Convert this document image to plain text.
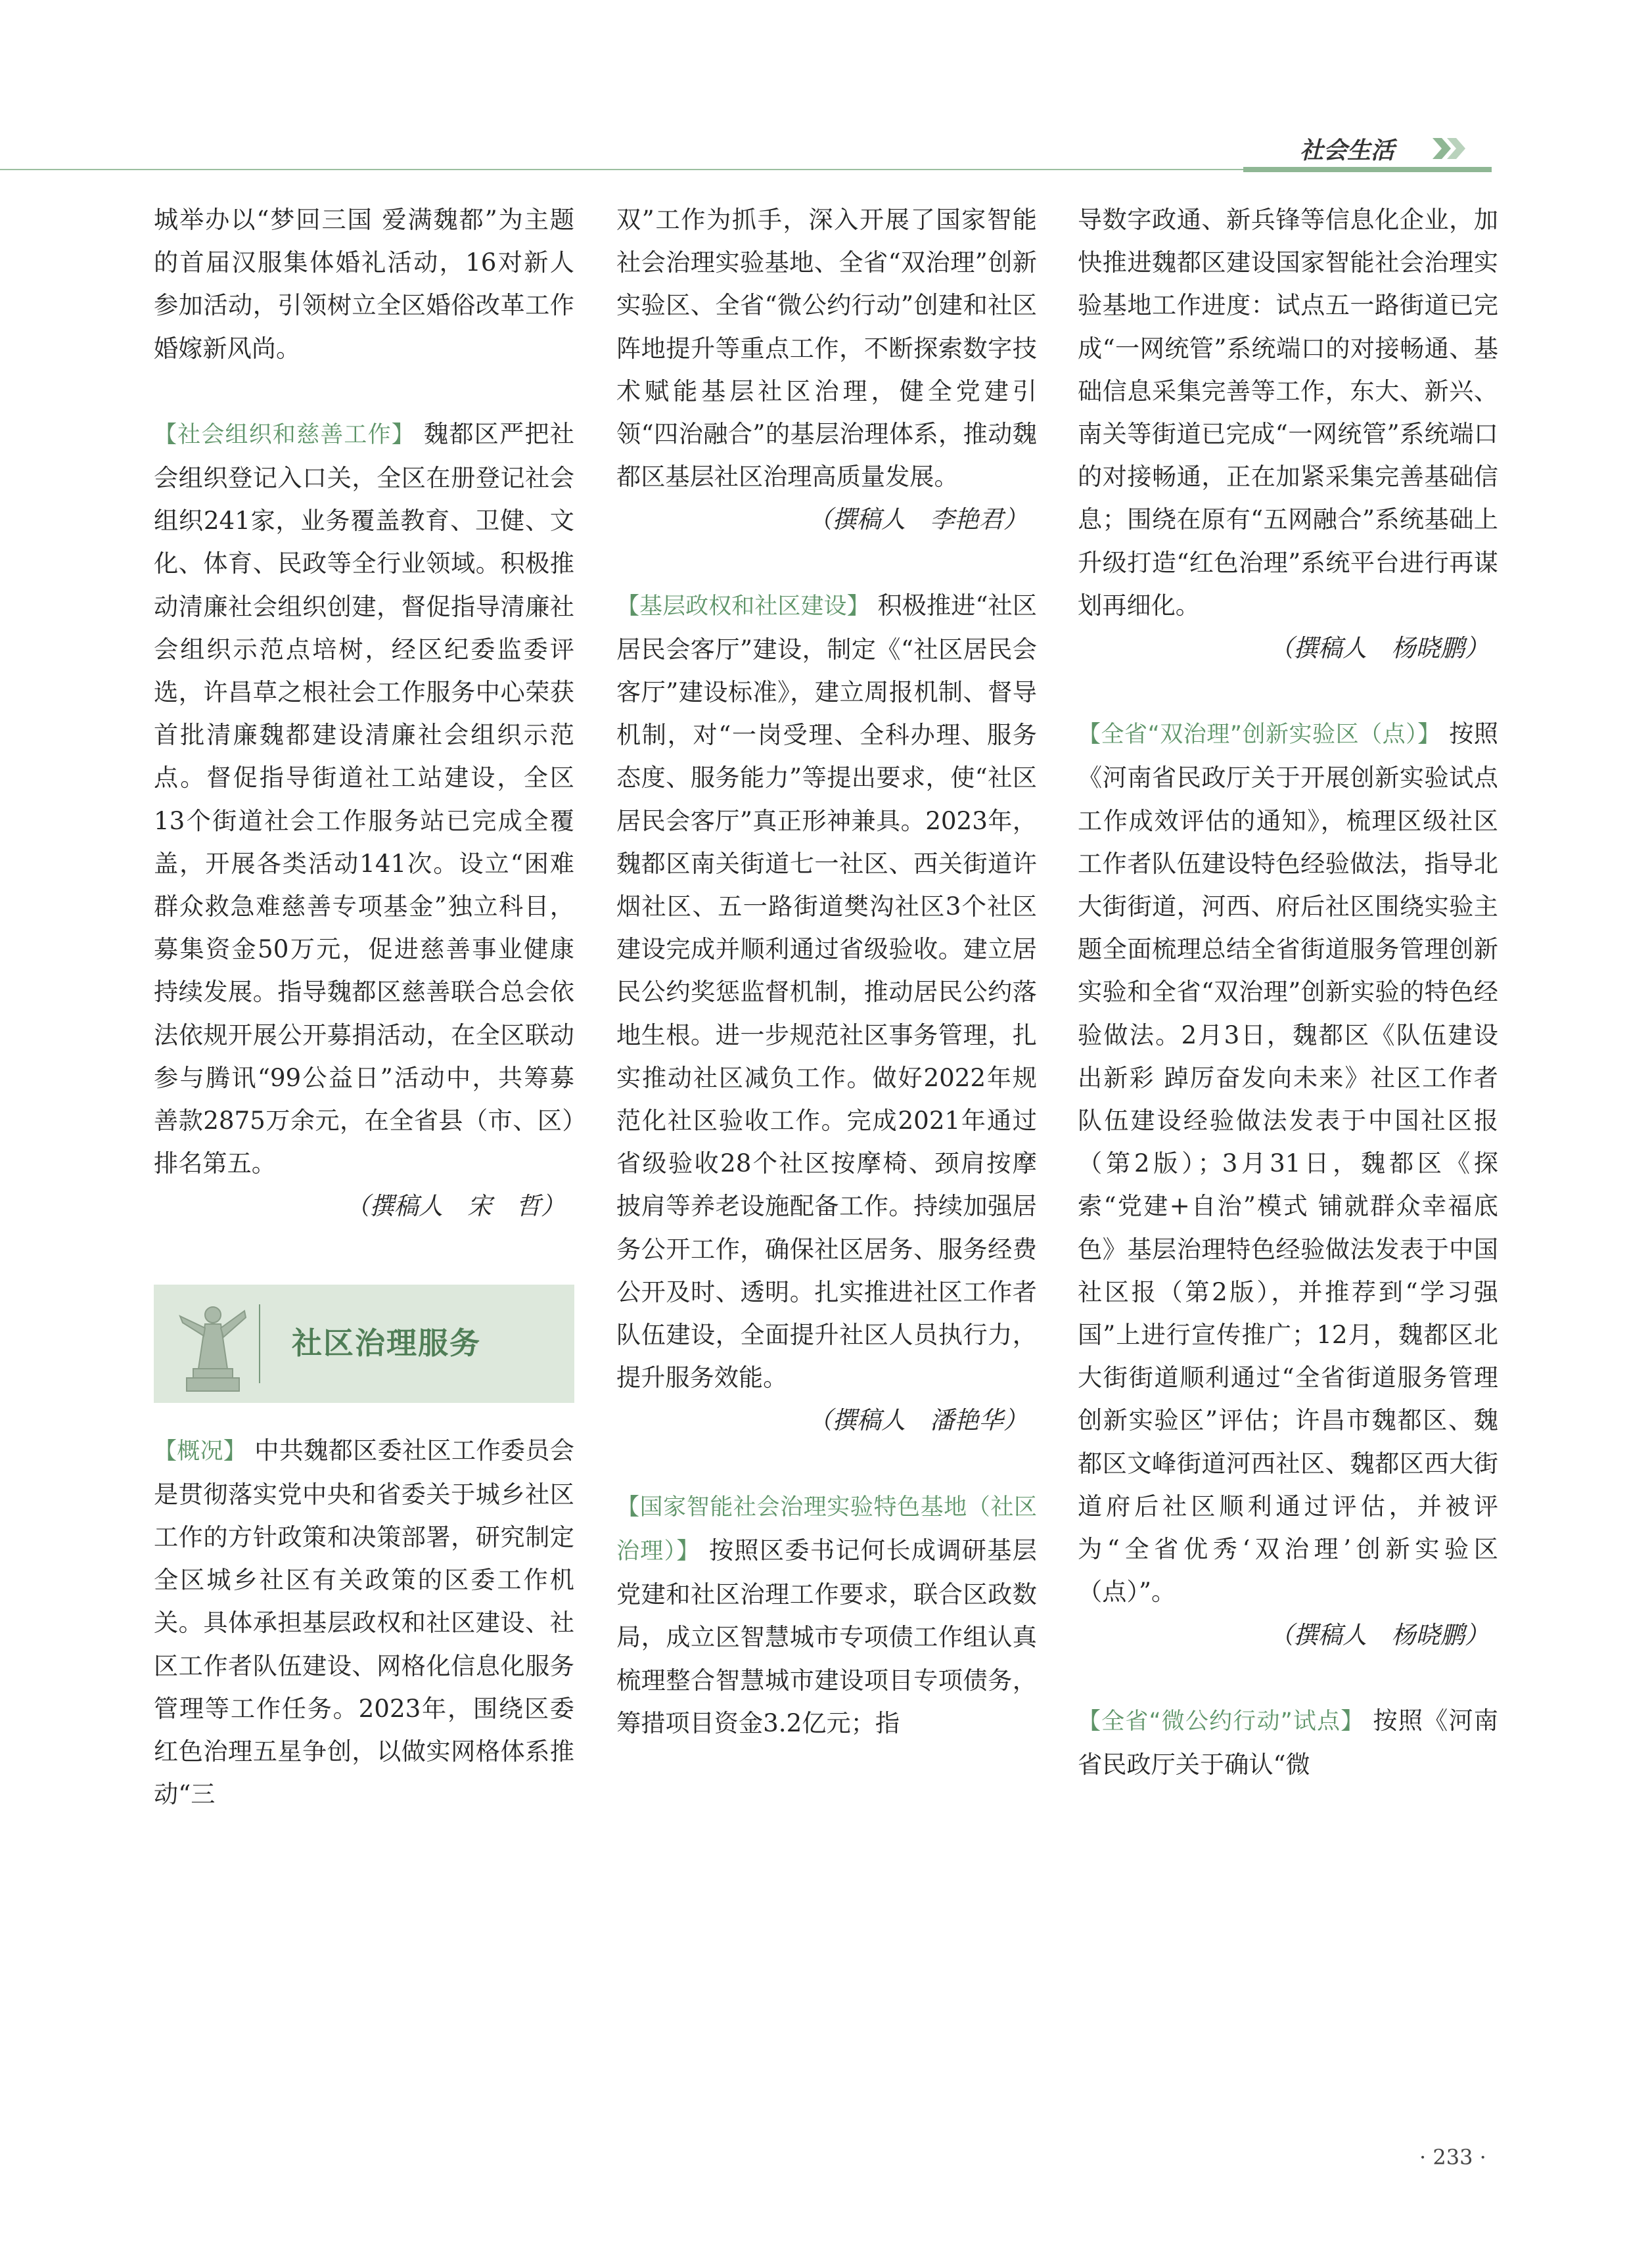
社会生活

城举办以“梦回三国 爱满魏都”为主题的首届汉服集体婚礼活动，16对新人参加活动，引领树立全区婚俗改革工作婚嫁新风尚。

【社会组织和慈善工作】 魏都区严把社会组织登记入口关，全区在册登记社会组织241家，业务覆盖教育、卫健、文化、体育、民政等全行业领域。积极推动清廉社会组织创建，督促指导清廉社会组织示范点培树，经区纪委监委评选，许昌草之根社会工作服务中心荣获首批清廉魏都建设清廉社会组织示范点。督促指导街道社工站建设，全区13个街道社会工作服务站已完成全覆盖，开展各类活动141次。设立“困难群众救急难慈善专项基金”独立科目，募集资金50万元，促进慈善事业健康持续发展。指导魏都区慈善联合总会依法依规开展公开募捐活动，在全区联动参与腾讯“99公益日”活动中，共筹募善款2875万余元，在全省县（市、区）排名第五。

（撰稿人　宋　哲）

社区治理服务

【概况】 中共魏都区委社区工作委员会是贯彻落实党中央和省委关于城乡社区工作的方针政策和决策部署，研究制定全区城乡社区有关政策的区委工作机关。具体承担基层政权和社区建设、社区工作者队伍建设、网格化信息化服务管理等工作任务。2023年，围绕区委红色治理五星争创，以做实网格体系推动“三

双”工作为抓手，深入开展了国家智能社会治理实验基地、全省“双治理”创新实验区、全省“微公约行动”创建和社区阵地提升等重点工作，不断探索数字技术赋能基层社区治理，健全党建引领“四治融合”的基层治理体系，推动魏都区基层社区治理高质量发展。

（撰稿人　李艳君）

【基层政权和社区建设】 积极推进“社区居民会客厅”建设，制定《“社区居民会客厅”建设标准》，建立周报机制、督导机制，对“一岗受理、全科办理、服务态度、服务能力”等提出要求，使“社区居民会客厅”真正形神兼具。2023年，魏都区南关街道七一社区、西关街道许烟社区、五一路街道樊沟社区3个社区建设完成并顺利通过省级验收。建立居民公约奖惩监督机制，推动居民公约落地生根。进一步规范社区事务管理，扎实推动社区减负工作。做好2022年规范化社区验收工作。完成2021年通过省级验收28个社区按摩椅、颈肩按摩披肩等养老设施配备工作。持续加强居务公开工作，确保社区居务、服务经费公开及时、透明。扎实推进社区工作者队伍建设，全面提升社区人员执行力，提升服务效能。

（撰稿人　潘艳华）

【国家智能社会治理实验特色基地（社区治理）】 按照区委书记何长成调研基层党建和社区治理工作要求，联合区政数局，成立区智慧城市专项债工作组认真梳理整合智慧城市建设项目专项债务，筹措项目资金3.2亿元；指

导数字政通、新兵锋等信息化企业，加快推进魏都区建设国家智能社会治理实验基地工作进度：试点五一路街道已完成“一网统管”系统端口的对接畅通、基础信息采集完善等工作，东大、新兴、南关等街道已完成“一网统管”系统端口的对接畅通，正在加紧采集完善基础信息；围绕在原有“五网融合”系统基础上升级打造“红色治理”系统平台进行再谋划再细化。

（撰稿人　杨晓鹏）

【全省“双治理”创新实验区（点）】 按照《河南省民政厅关于开展创新实验试点工作成效评估的通知》，梳理区级社区工作者队伍建设特色经验做法，指导北大街街道，河西、府后社区围绕实验主题全面梳理总结全省街道服务管理创新实验和全省“双治理”创新实验的特色经验做法。2月3日，魏都区《队伍建设出新彩 踔厉奋发向未来》社区工作者队伍建设经验做法发表于中国社区报（第2版）；3月31日，魏都区《探索“党建+自治”模式 铺就群众幸福底色》基层治理特色经验做法发表于中国社区报（第2版），并推荐到“学习强国”上进行宣传推广；12月，魏都区北大街街道顺利通过“全省街道服务管理创新实验区”评估；许昌市魏都区、魏都区文峰街道河西社区、魏都区西大街道府后社区顺利通过评估，并被评为“全省优秀‘双治理’创新实验区（点）”。

（撰稿人　杨晓鹏）

【全省“微公约行动”试点】 按照《河南省民政厅关于确认“微

· 233 ·
